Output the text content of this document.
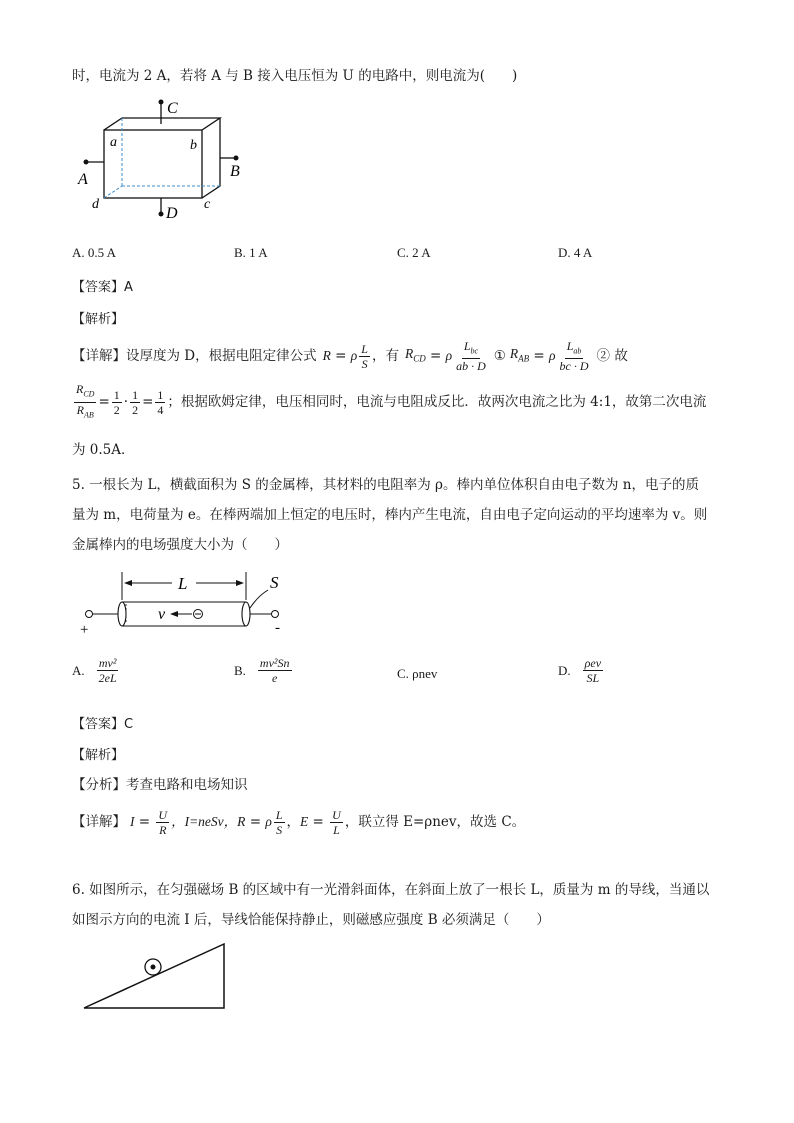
时，电流为 2 A，若将 A 与 B 接入电压恒为 U 的电路中，则电流为(　　)
C
a	b
A	B
d	c
D
A. 0.5 A	B. 1 A	C. 2 A	D. 4 A
【答案】A
【解析】
【详解】 设厚度为 D，根据电阻定律公式 R = ρ $\frac{L}{S}$ ，有 $R_{CD} = \rho \frac{L_{bc}}{ab \cdot D}$ ① $R_{AB} = \rho \frac{L_{ab}}{bc \cdot D}$ ② 故
$\frac{R_{CD}}{R_{AB}} = \frac{1}{2} \cdot \frac{1}{2} = \frac{1}{4}$ ；根据欧姆定律，电压相同时，电流与电阻成反比．故两次电流之比为 4:1，故第二次电流
为 0.5A．
5. 一根长为 L，横截面积为 S 的金属棒，其材料的电阻率为 ρ。棒内单位体积自由电子数为 n，电子的质
量为 m，电荷量为 e。在棒两端加上恒定的电压时，棒内产生电流，自由电子定向运动的平均速率为 v。则
金属棒内的电场强度大小为（　　）
L	S
v
+	-
A. $\frac{\text{mv²}}{2eL}$	B. $\frac{\text{mv²Sn}}{e}$	C. ρnev	D. $\frac{\text{ρev}}{SL}$
【答案】C
【解析】
【分析】考查电路和电场知识
【详解】 $I = \frac{U}{R}$ ，I=neSv， R = ρ $\frac{L}{S}$ ， $E = \frac{U}{L}$ ，联立得 E=ρnev，故选 C。
6. 如图所示，在匀强磁场 B 的区域中有一光滑斜面体，在斜面上放了一根长 L，质量为 m 的导线，当通以
如图示方向的电流 I 后，导线恰能保持静止，则磁感应强度 B 必须满足（　　）
